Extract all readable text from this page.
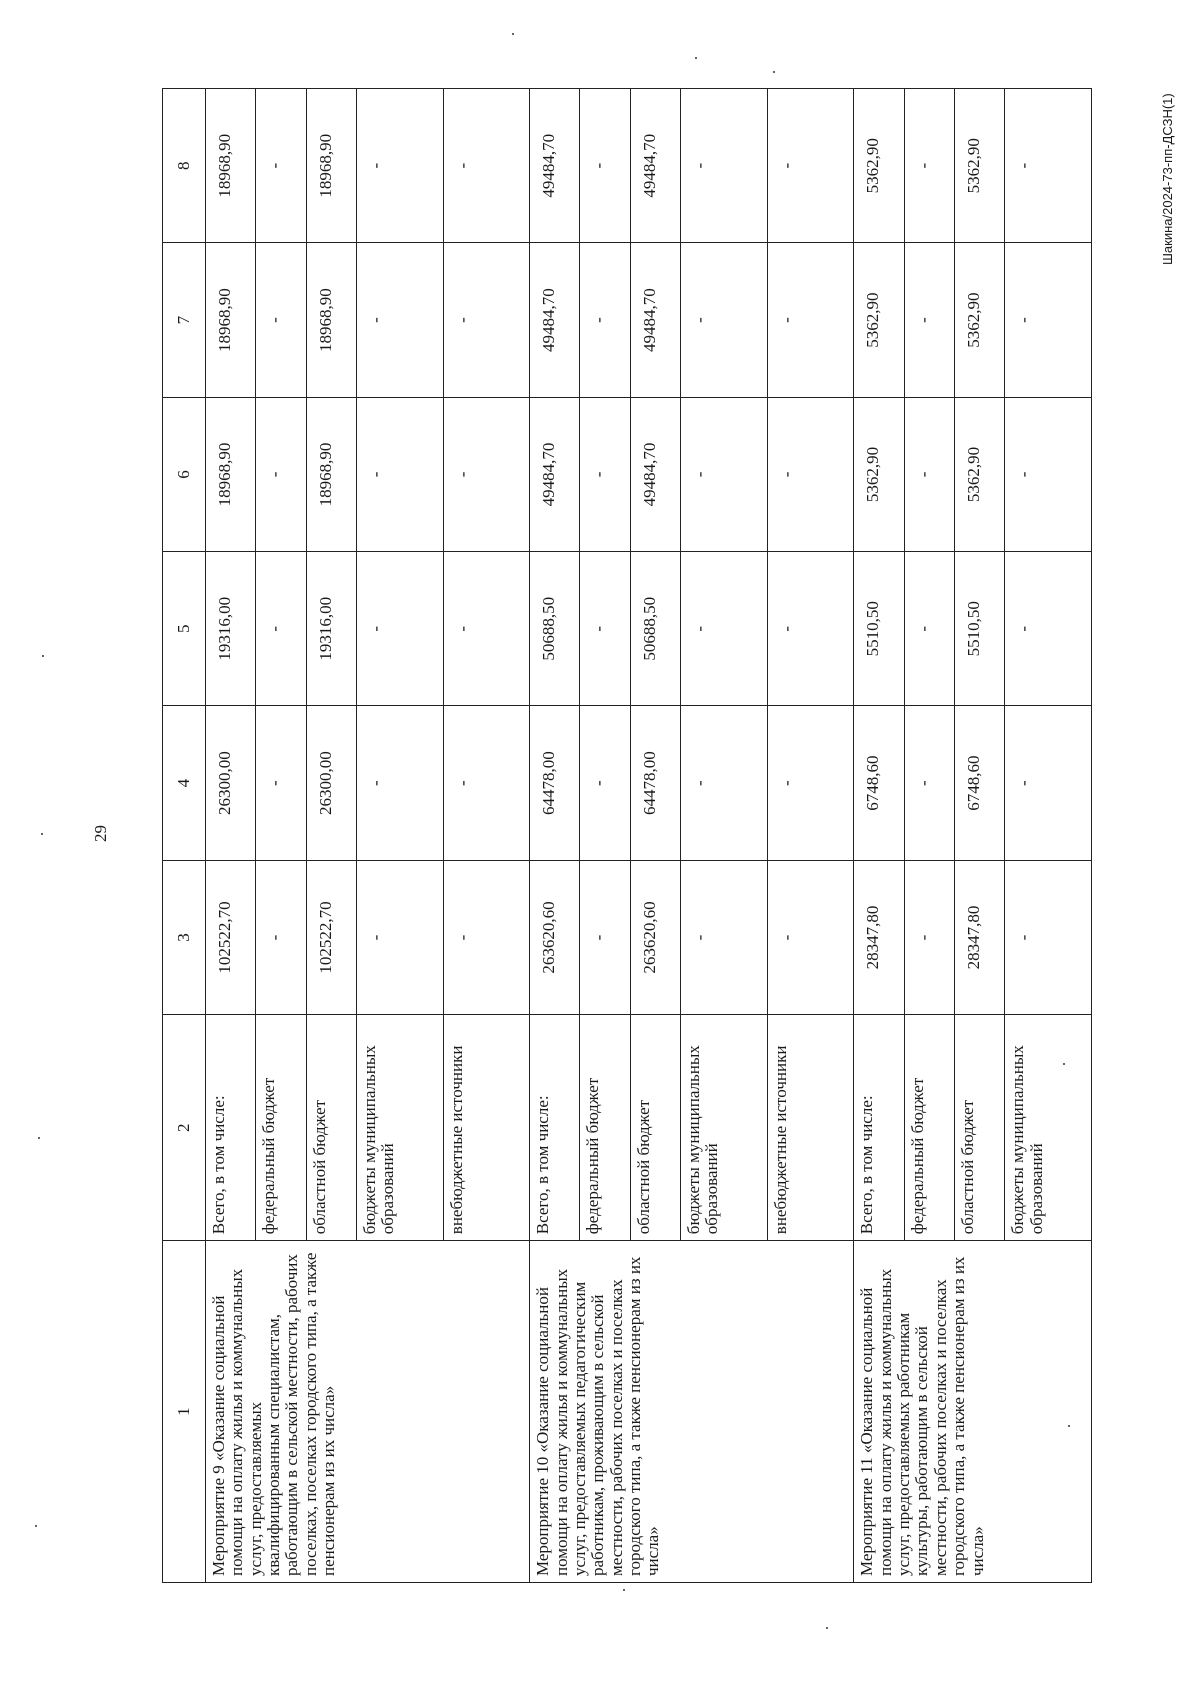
29
Шакина/2024-73-пп-ДСЗН(1)
1	2	3	4	5	6	7	8
Мероприятие 9 «Оказание социальной помощи на оплату жилья и коммунальных услуг, предоставляемых квалифицированным специалистам, работающим в сельской местности, рабочих поселках, поселках городского типа, а также пенсионерам из их числа»	Всего, в том числе:	102522,70	26300,00	19316,00	18968,90	18968,90	18968,90
	федеральный бюджет	-	-	-	-	-	-
	областной бюджет	102522,70	26300,00	19316,00	18968,90	18968,90	18968,90
	бюджеты муниципальных образований	-	-	-	-	-	-
	внебюджетные источники	-	-	-	-	-	-
Мероприятие 10 «Оказание социальной помощи на оплату жилья и коммунальных услуг, предоставляемых педагогическим работникам, проживающим в сельской местности, рабочих поселках и поселках городского типа, а также пенсионерам из их числа»	Всего, в том числе:	263620,60	64478,00	50688,50	49484,70	49484,70	49484,70
	федеральный бюджет	-	-	-	-	-	-
	областной бюджет	263620,60	64478,00	50688,50	49484,70	49484,70	49484,70
	бюджеты муниципальных образований	-	-	-	-	-	-
	внебюджетные источники	-	-	-	-	-	-
Мероприятие 11 «Оказание социальной помощи на оплату жилья и коммунальных услуг, предоставляемых работникам культуры, работающим в сельской местности, рабочих поселках и поселках городского типа, а также пенсионерам из их числа»	Всего, в том числе:	28347,80	6748,60	5510,50	5362,90	5362,90	5362,90
	федеральный бюджет	-	-	-	-	-	-
	областной бюджет	28347,80	6748,60	5510,50	5362,90	5362,90	5362,90
	бюджеты муниципальных образований	-	-	-	-	-	-
